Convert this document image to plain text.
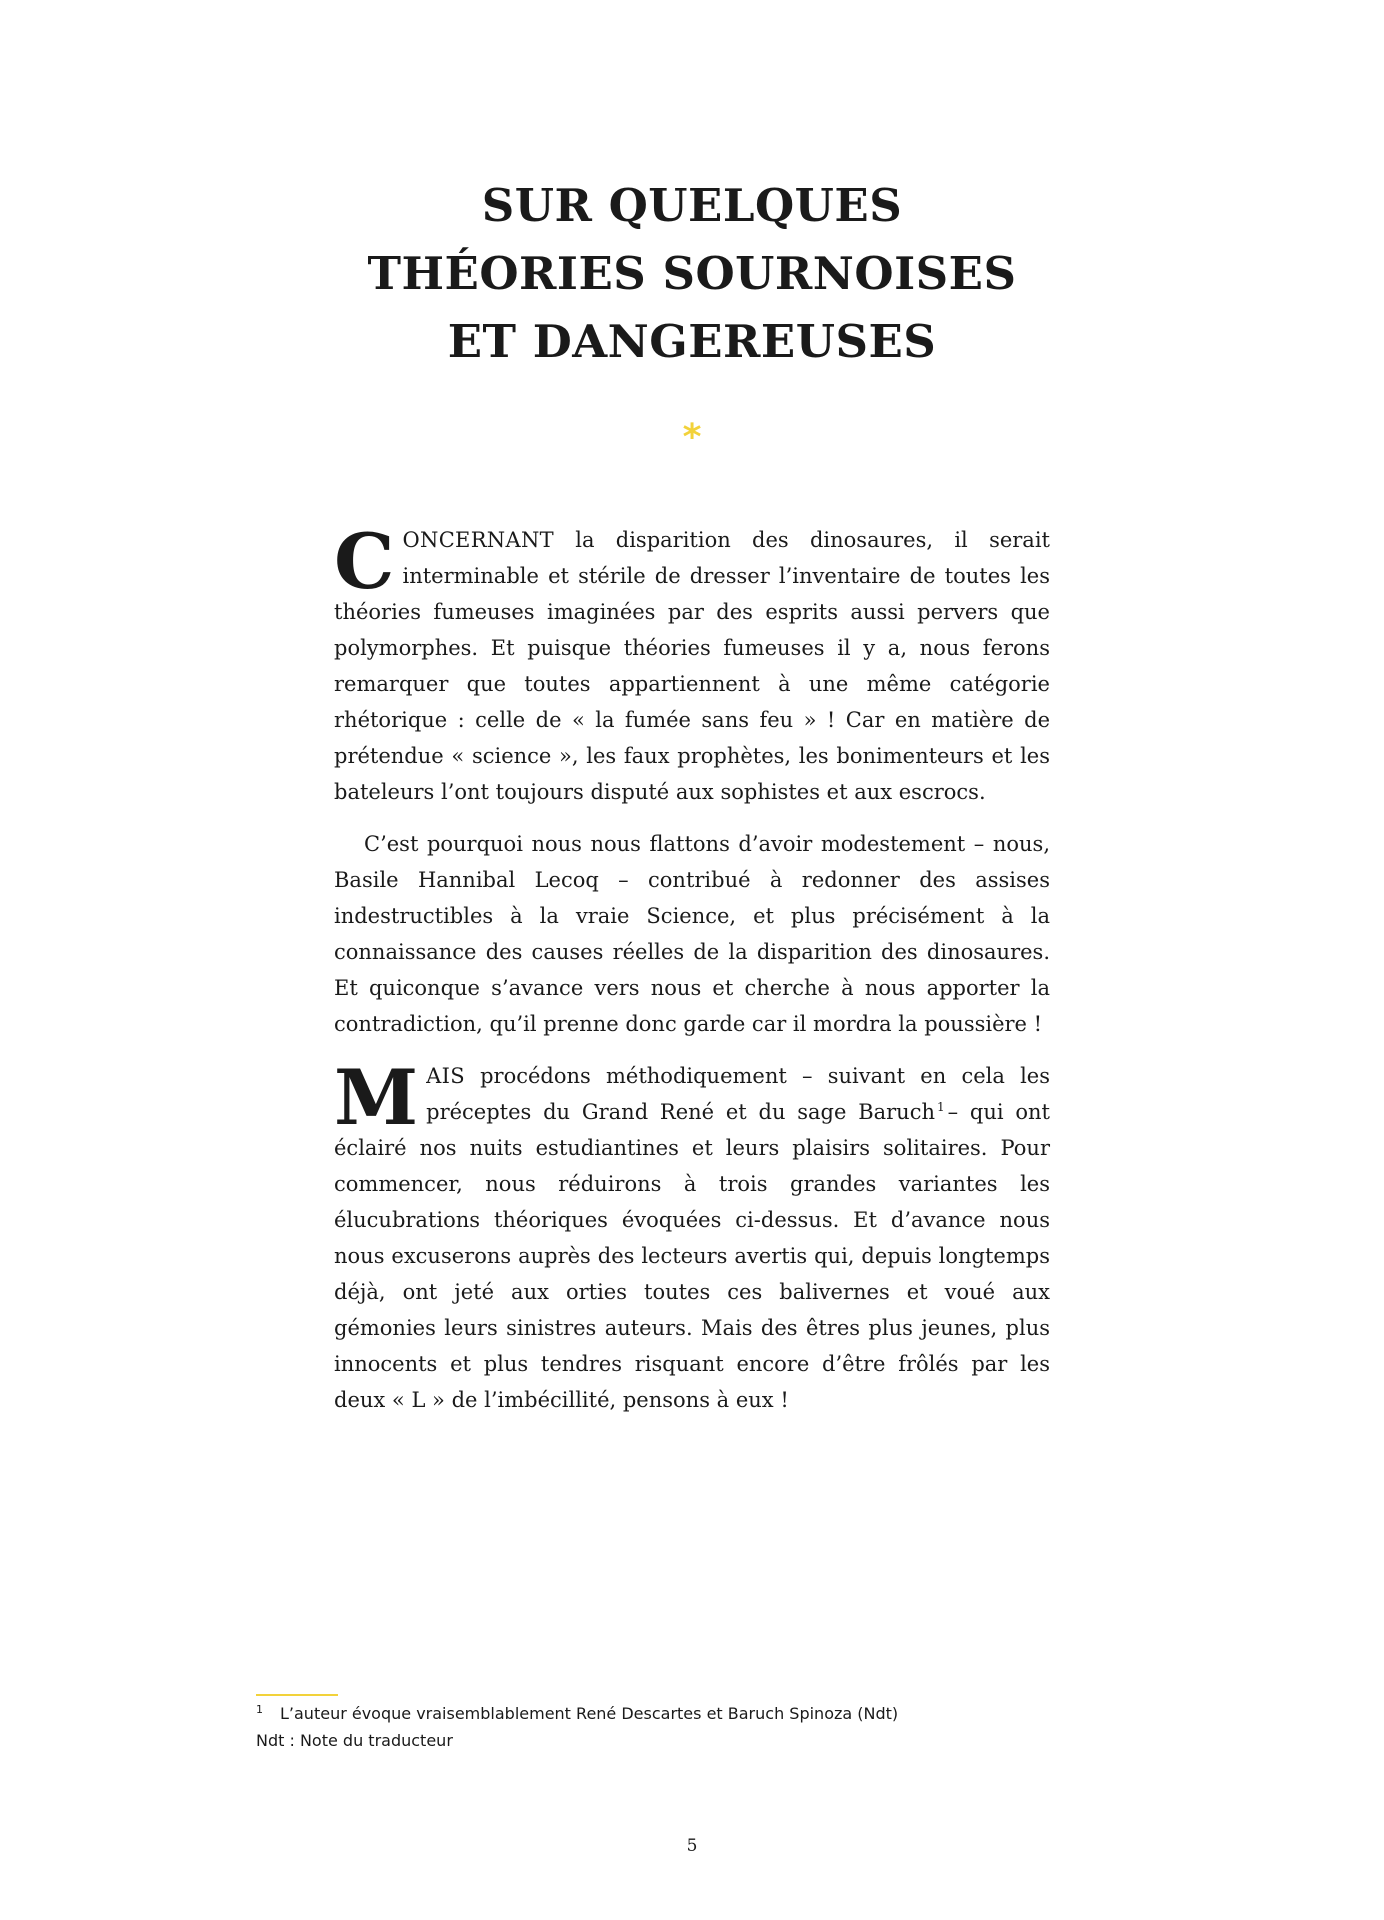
SUR QUELQUES
THÉORIES SOURNOISES
ET DANGEREUSES
*

CONCERNANT la disparition des dinosaures, il serait interminable et stérile de dresser l’inventaire de toutes les théories fumeuses imaginées par des esprits aussi pervers que polymorphes. Et puisque théories fumeuses il y a, nous ferons remarquer que toutes appartiennent à une même catégorie rhétorique : celle de « la fumée sans feu » ! Car en matière de prétendue « science », les faux prophètes, les bonimenteurs et les bateleurs l’ont toujours disputé aux sophistes et aux escrocs.

C’est pourquoi nous nous flattons d’avoir modestement – nous, Basile Hannibal Lecoq – contribué à redonner des assises indestructibles à la vraie Science, et plus précisément à la connaissance des causes réelles de la disparition des dinosaures. Et quiconque s’avance vers nous et cherche à nous apporter la contradiction, qu’il prenne donc garde car il mordra la poussière !

MAIS procédons méthodiquement – suivant en cela les préceptes du Grand René et du sage Baruch $^1$ – qui ont éclairé nos nuits estudiantines et leurs plaisirs solitaires. Pour commencer, nous réduirons à trois grandes variantes les élucubrations théoriques évoquées ci-dessus. Et d’avance nous nous excuserons auprès des lecteurs avertis qui, depuis longtemps déjà, ont jeté aux orties toutes ces balivernes et voué aux gémonies leurs sinistres auteurs. Mais des êtres plus jeunes, plus innocents et plus tendres risquant encore d’être frôlés par les deux « L » de l’imbécillité, pensons à eux !

1 L’auteur évoque vraisemblablement René Descartes et Baruch Spinoza (Ndt)
Ndt : Note du traducteur
5
